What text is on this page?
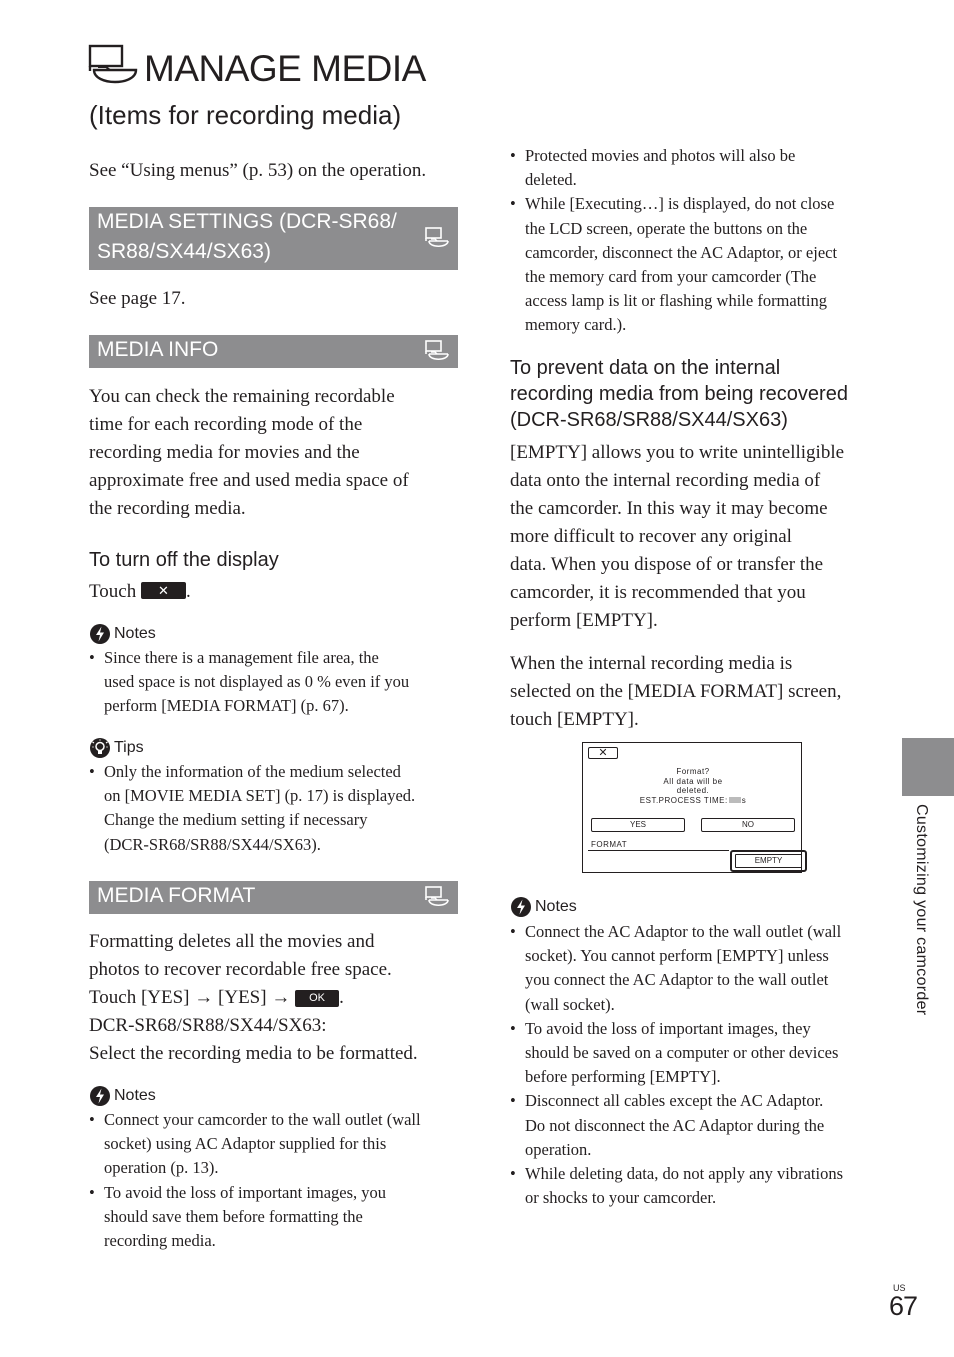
MANAGE MEDIA
(Items for recording media)
See “Using menus” (p. 53) on the operation.
MEDIA SETTINGS (DCR-SR68/
SR88/SX44/SX63)
See page 17.
MEDIA INFO
You can check the remaining recordable
time for each recording mode of the
recording media for movies and the
approximate free and used media space of
the recording media.
To turn off the display
Touch ✕ .
Notes
• Since there is a management file area, the
used space is not displayed as 0 % even if you
perform [MEDIA FORMAT] (p. 67).
Tips
• Only the information of the medium selected
on [MOVIE MEDIA SET] (p. 17) is displayed.
Change the medium setting if necessary
(DCR-SR68/SR88/SX44/SX63).
MEDIA FORMAT
Formatting deletes all the movies and
photos to recover recordable free space.
Touch [YES] → [YES] → OK .
DCR-SR68/SR88/SX44/SX63:
Select the recording media to be formatted.
Notes
• Connect your camcorder to the wall outlet (wall
socket) using AC Adaptor supplied for this
operation (p. 13).
• To avoid the loss of important images, you
should save them before formatting the
recording media.
• Protected movies and photos will also be
deleted.
• While [Executing…] is displayed, do not close
the LCD screen, operate the buttons on the
camcorder, disconnect the AC Adaptor, or eject
the memory card from your camcorder (The
access lamp is lit or flashing while formatting
memory card.).
To prevent data on the internal
recording media from being recovered
(DCR-SR68/SR88/SX44/SX63)
[EMPTY] allows you to write unintelligible
data onto the internal recording media of
the camcorder. In this way it may become
more difficult to recover any original
data. When you dispose of or transfer the
camcorder, it is recommended that you
perform [EMPTY].
When the internal recording media is
selected on the [MEDIA FORMAT] screen,
touch [EMPTY].
✕
Format?
All data will be
deleted.
EST.PROCESS TIME: s
YES	NO
FORMAT
EMPTY
Notes
• Connect the AC Adaptor to the wall outlet (wall
socket). You cannot perform [EMPTY] unless
you connect the AC Adaptor to the wall outlet
(wall socket).
• To avoid the loss of important images, they
should be saved on a computer or other devices
before performing [EMPTY].
• Disconnect all cables except the AC Adaptor.
Do not disconnect the AC Adaptor during the
operation.
• While deleting data, do not apply any vibrations
or shocks to your camcorder.
Customizing your camcorder
US
67
